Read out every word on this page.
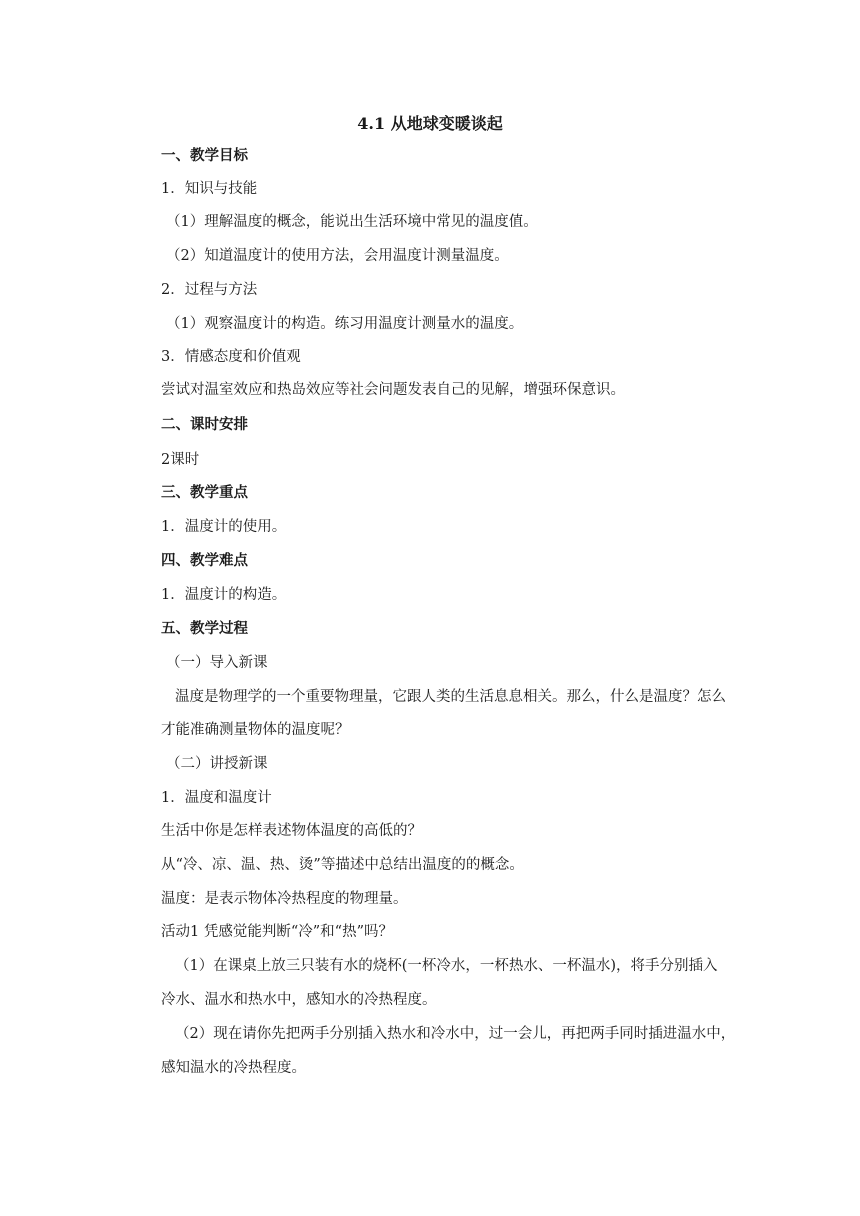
4.1 从地球变暖谈起
一、教学目标
1．知识与技能
（1）理解温度的概念，能说出生活环境中常见的温度值。
（2）知道温度计的使用方法，会用温度计测量温度。
2．过程与方法
（1）观察温度计的构造。练习用温度计测量水的温度。
3．情感态度和价值观
尝试对温室效应和热岛效应等社会问题发表自己的见解，增强环保意识。
二、课时安排
2课时
三、教学重点
1．温度计的使用。
四、教学难点
1．温度计的构造。
五、教学过程
（一）导入新课
温度是物理学的一个重要物理量，它跟人类的生活息息相关。那么，什么是温度？怎么
才能准确测量物体的温度呢？
（二）讲授新课
1．温度和温度计
生活中你是怎样表述物体温度的高低的？
从“冷、凉、温、热、烫”等描述中总结出温度的的概念。
温度：是表示物体冷热程度的物理量。
活动1 凭感觉能判断“冷”和“热”吗？
（1）在课桌上放三只装有水的烧杯(一杯冷水，一杯热水、一杯温水)，将手分别插入
冷水、温水和热水中，感知水的冷热程度。
（2）现在请你先把两手分别插入热水和冷水中，过一会儿，再把两手同时插进温水中，
感知温水的冷热程度。
